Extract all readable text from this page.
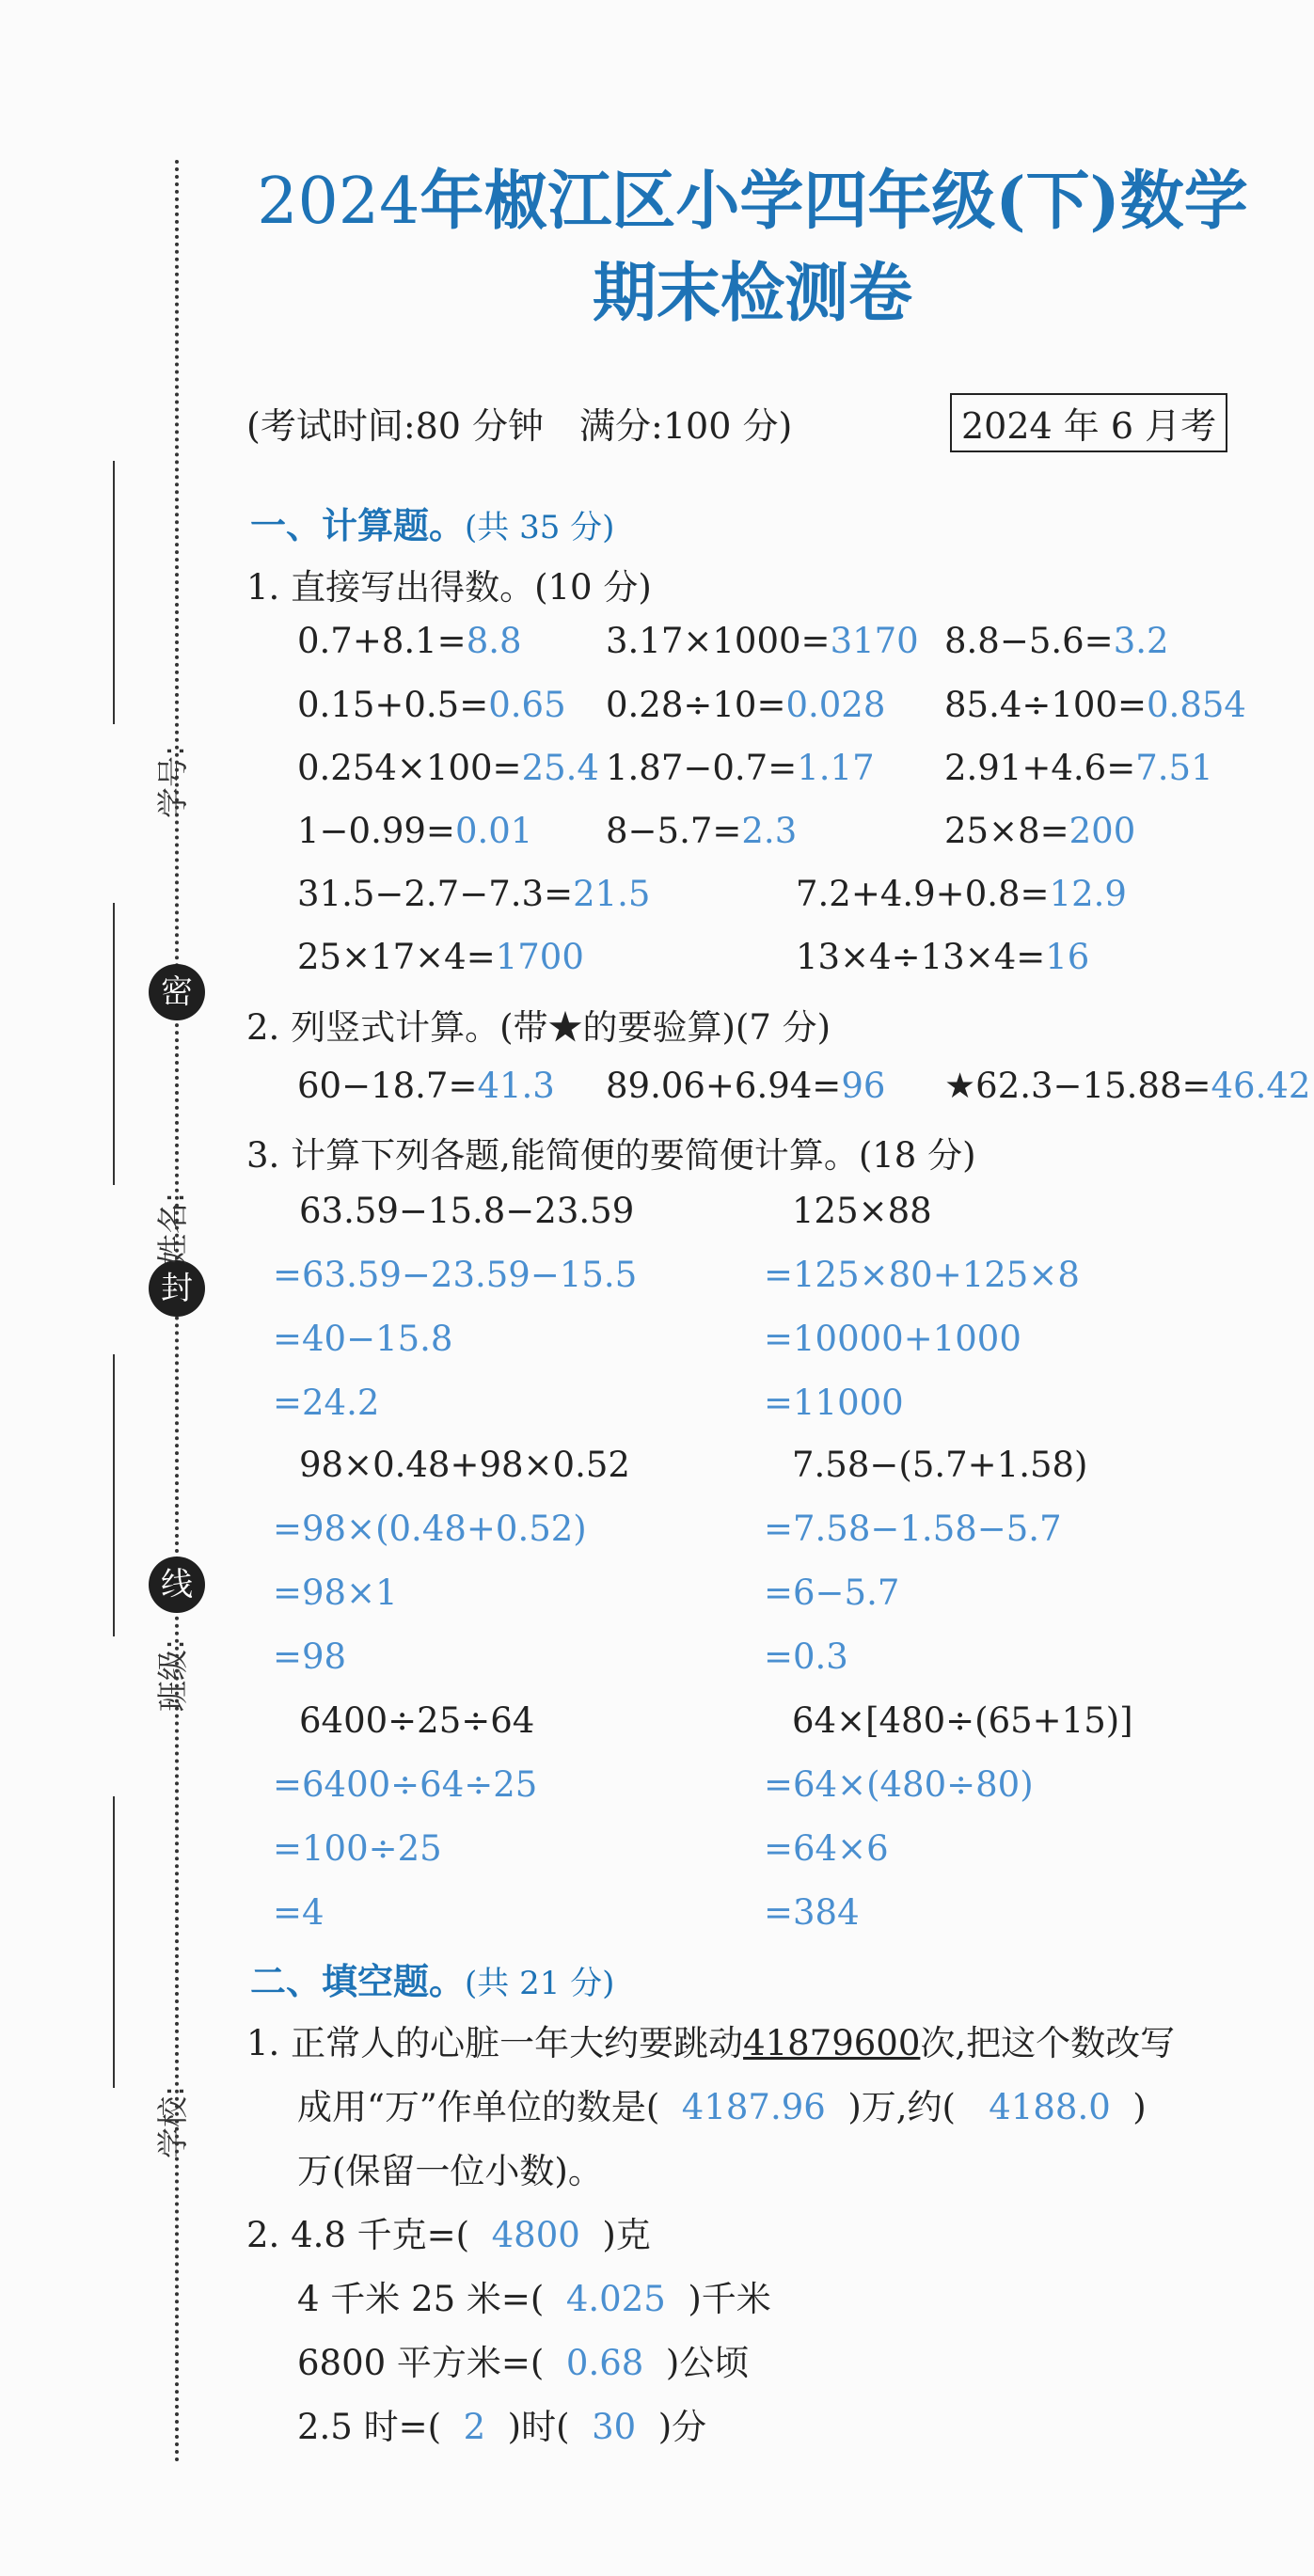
密
封
线
学号:
姓名:
班级:
学校:
2024年椒江区小学四年级(下)数学
期末检测卷
(考试时间:80 分钟　满分:100 分)	2024 年 6 月考
一、计算题。(共 35 分)
1. 直接写出得数。(10 分)
0.7+8.1=8.8 3.17×1000=3170 8.8−5.6=3.2
0.15+0.5=0.65 0.28÷10=0.028 85.4÷100=0.854
0.254×100=25.4 1.87−0.7=1.17 2.91+4.6=7.51
1−0.99=0.01 8−5.7=2.3	25×8=200
31.5−2.7−7.3=21.5	7.2+4.9+0.8=12.9
25×17×4=1700	13×4÷13×4=16
2. 列竖式计算。(带★的要验算)(7 分)
60−18.7=41.3 89.06+6.94=96 ★62.3−15.88=46.42
3. 计算下列各题,能简便的要简便计算。(18 分)
63.59−15.8−23.59
=63.59−23.59−15.5
=40−15.8
=24.2
125×88
=125×80+125×8
=10000+1000
=11000
98×0.48+98×0.52
=98×(0.48+0.52)
=98×1
=98
7.58−(5.7+1.58)
=7.58−1.58−5.7
=6−5.7
=0.3
6400÷25÷64
=6400÷64÷25
=100÷25
=4
64×[480÷(65+15)]
=64×(480÷80)
=64×6
=384
二、填空题。(共 21 分)
1. 正常人的心脏一年大约要跳动41879600次,把这个数改写
成用“万”作单位的数是( 4187.96 )万,约( 4188.0 )
万(保留一位小数)。
2. 4.8 千克=( 4800 )克
4 千米 25 米=( 4.025 )千米
6800 平方米=( 0.68 )公顷
2.5 时=( 2 )时( 30 )分
